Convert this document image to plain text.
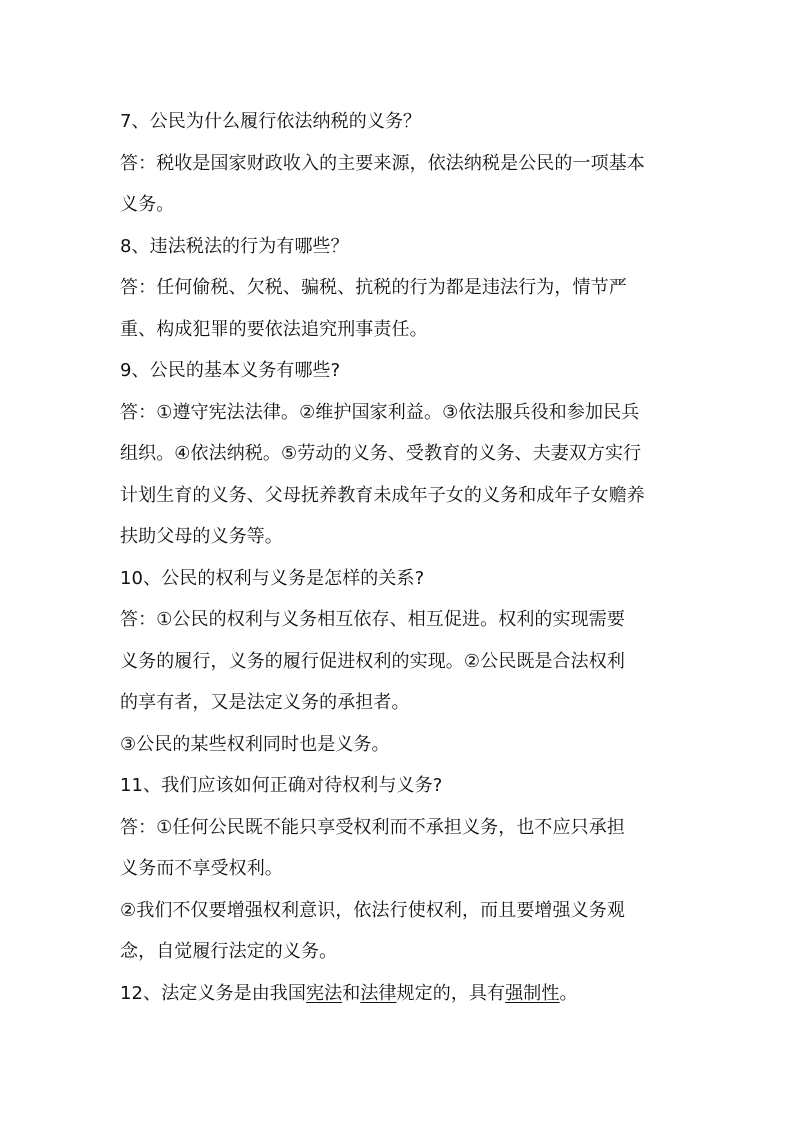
7、公民为什么履行依法纳税的义务？
答：税收是国家财政收入的主要来源，依法纳税是公民的一项基本
义务。
8、违法税法的行为有哪些？
答：任何偷税、欠税、骗税、抗税的行为都是违法行为，情节严
重、构成犯罪的要依法追究刑事责任。
9、公民的基本义务有哪些?
答：①遵守宪法法律。②维护国家利益。③依法服兵役和参加民兵
组织。④依法纳税。⑤劳动的义务、受教育的义务、夫妻双方实行
计划生育的义务、父母抚养教育未成年子女的义务和成年子女赡养
扶助父母的义务等。
10、公民的权利与义务是怎样的关系?
答：①公民的权利与义务相互依存、相互促进。权利的实现需要
义务的履行，义务的履行促进权利的实现。②公民既是合法权利
的享有者，又是法定义务的承担者。
③公民的某些权利同时也是义务。
11、我们应该如何正确对待权利与义务?
答：①任何公民既不能只享受权利而不承担义务，也不应只承担
义务而不享受权利。
②我们不仅要增强权利意识，依法行使权利，而且要增强义务观
念，自觉履行法定的义务。
12、法定义务是由我国宪法和法律规定的，具有强制性。
